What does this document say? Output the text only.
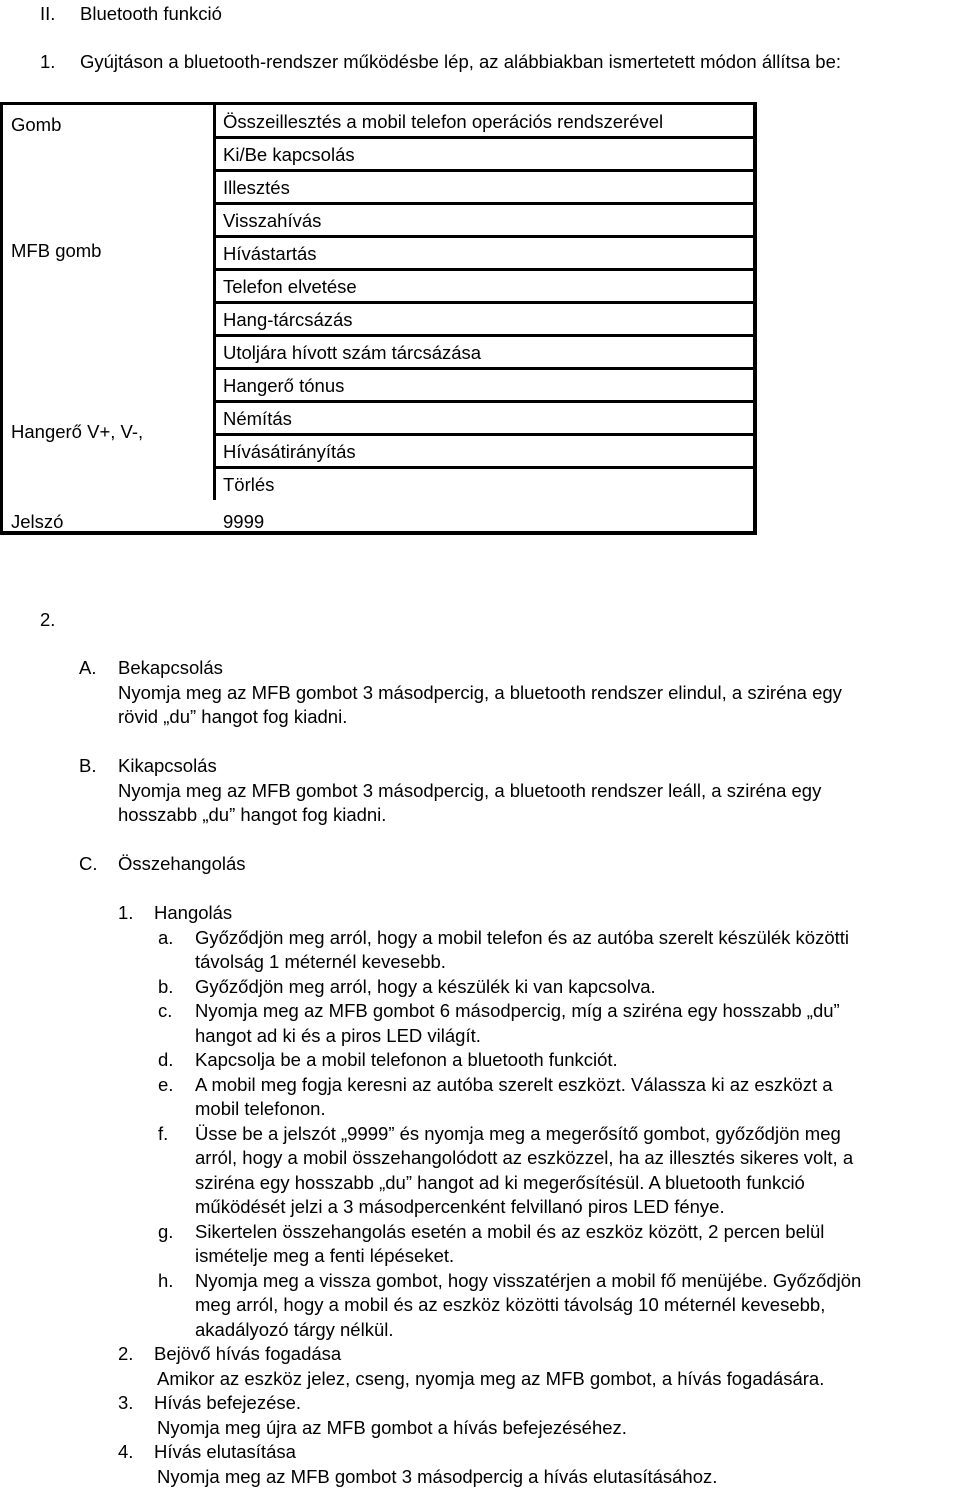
II. Bluetooth funkció
1. Gyújtáson a bluetooth-rendszer működésbe lép, az alábbiakban ismertetett módon állítsa be:
Gomb
MFB gomb
Hangerő V+, V-,
Jelszó	9999
Összeillesztés a mobil telefon operációs rendszerével
Ki/Be kapcsolás
Illesztés
Visszahívás
Hívástartás
Telefon elvetése
Hang-tárcsázás
Utoljára hívott szám tárcsázása
Hangerő tónus
Némítás
Hívásátirányítás
Törlés
2.
A. Bekapcsolás
Nyomja meg az MFB gombot 3 másodpercig, a bluetooth rendszer elindul, a sziréna egy
rövid „du” hangot fog kiadni.
B. Kikapcsolás
Nyomja meg az MFB gombot 3 másodpercig, a bluetooth rendszer leáll, a sziréna egy
hosszabb „du” hangot fog kiadni.
C. Összehangolás
1. Hangolás
a. Győződjön meg arról, hogy a mobil telefon és az autóba szerelt készülék közötti
távolság 1 méternél kevesebb.
b. Győződjön meg arról, hogy a készülék ki van kapcsolva.
c. Nyomja meg az MFB gombot 6 másodpercig, míg a sziréna egy hosszabb „du”
hangot ad ki és a piros LED világít.
d. Kapcsolja be a mobil telefonon a bluetooth funkciót.
e. A mobil meg fogja keresni az autóba szerelt eszközt. Válassza ki az eszközt a
mobil telefonon.
f. Üsse be a jelszót „9999” és nyomja meg a megerősítő gombot, győződjön meg
arról, hogy a mobil összehangolódott az eszközzel, ha az illesztés sikeres volt, a
sziréna egy hosszabb „du” hangot ad ki megerősítésül. A bluetooth funkció
működését jelzi a 3 másodpercenként felvillanó piros LED fénye.
g. Sikertelen összehangolás esetén a mobil és az eszköz között, 2 percen belül
ismételje meg a fenti lépéseket.
h. Nyomja meg a vissza gombot, hogy visszatérjen a mobil fő menüjébe. Győződjön
meg arról, hogy a mobil és az eszköz közötti távolság 10 méternél kevesebb,
akadályozó tárgy nélkül.
2. Bejövő hívás fogadása
Amikor az eszköz jelez, cseng, nyomja meg az MFB gombot, a hívás fogadására.
3. Hívás befejezése.
Nyomja meg újra az MFB gombot a hívás befejezéséhez.
4. Hívás elutasítása
Nyomja meg az MFB gombot 3 másodpercig a hívás elutasításához.
